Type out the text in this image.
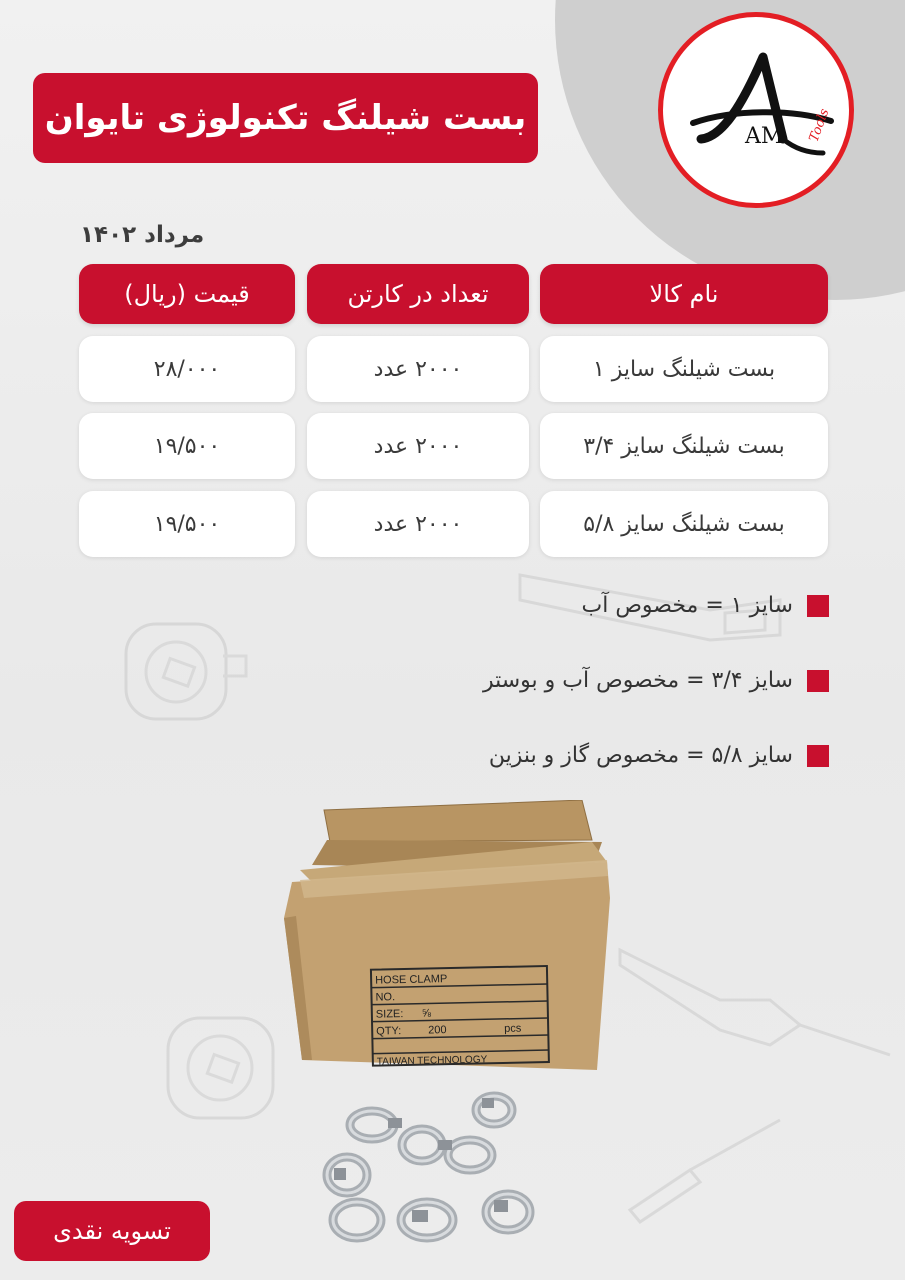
بست شیلنگ تکنولوژی تایوان	AM Tools
مرداد ۱۴۰۲
نام کالا
تعداد در کارتن
قیمت (ریال)
بست شیلنگ سایز ۱
۲۰۰۰ عدد
۲۸/۰۰۰
بست شیلنگ سایز ۳/۴
۲۰۰۰ عدد
۱۹/۵۰۰
بست شیلنگ سایز ۵/۸
۲۰۰۰ عدد
۱۹/۵۰۰
سایز ۱ = مخصوص آب
سایز ۳/۴ = مخصوص آب و بوستر
سایز ۵/۸ = مخصوص گاز و بنزین
HOSE CLAMP
NO.
SIZE: ⅝
QTY: 200	pcs
TAIWAN TECHNOLOGY
تسویه نقدی
